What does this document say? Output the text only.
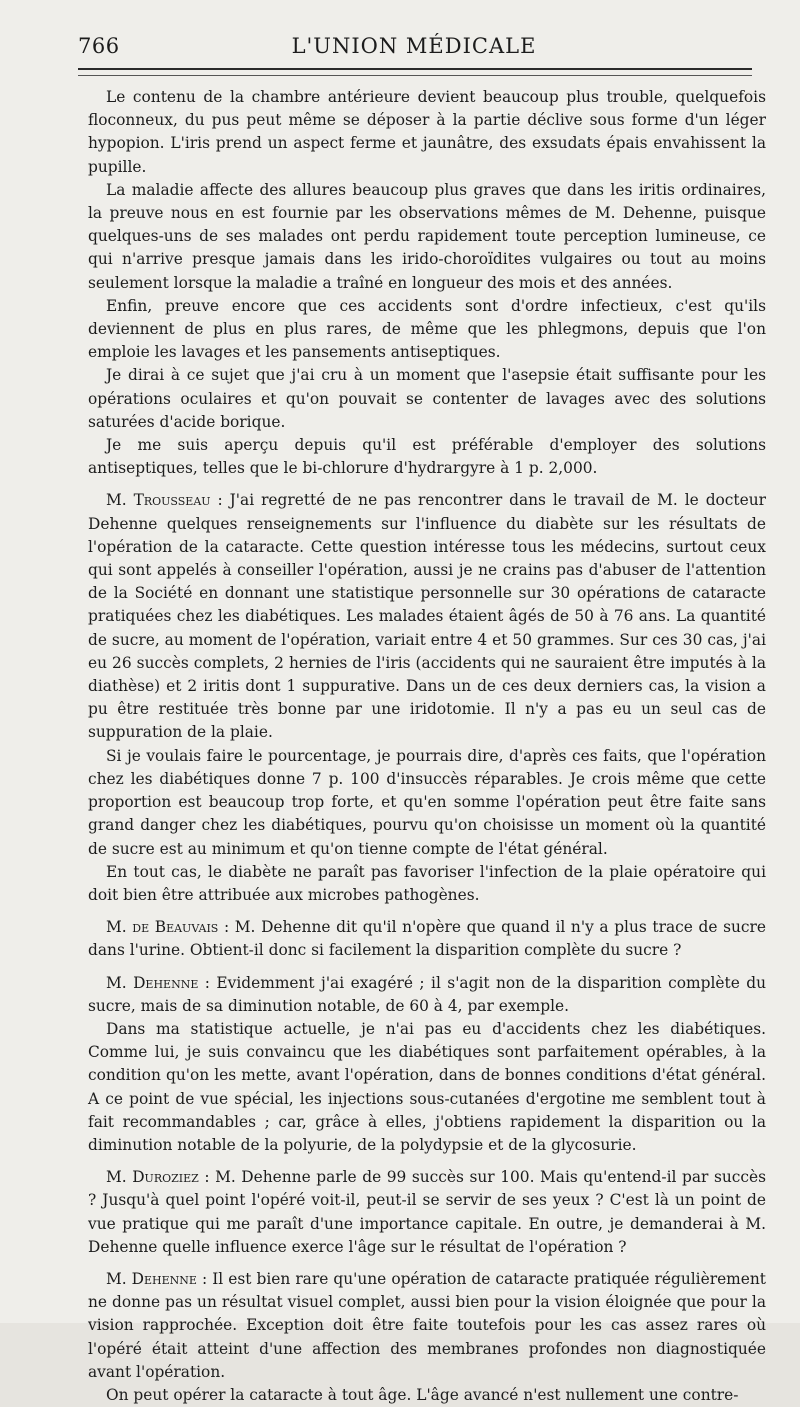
766	L'UNION MÉDICALE

Le contenu de la chambre antérieure devient beaucoup plus trouble, quelquefois floconneux, du pus peut même se déposer à la partie déclive sous forme d'un léger hypopion. L'iris prend un aspect ferme et jaunâtre, des exsudats épais envahissent la pupille.

La maladie affecte des allures beaucoup plus graves que dans les iritis ordinaires, la preuve nous en est fournie par les observations mêmes de M. Dehenne, puisque quelques-uns de ses malades ont perdu rapidement toute perception lumineuse, ce qui n'arrive presque jamais dans les irido-choroïdites vulgaires ou tout au moins seulement lorsque la maladie a traîné en longueur des mois et des années.

Enfin, preuve encore que ces accidents sont d'ordre infectieux, c'est qu'ils deviennent de plus en plus rares, de même que les phlegmons, depuis que l'on emploie les lavages et les pansements antiseptiques.

Je dirai à ce sujet que j'ai cru à un moment que l'asepsie était suffisante pour les opérations oculaires et qu'on pouvait se contenter de lavages avec des solutions saturées d'acide borique.

Je me suis aperçu depuis qu'il est préférable d'employer des solutions antiseptiques, telles que le bi-chlorure d'hydrargyre à 1 p. 2,000.

M. Trousseau : J'ai regretté de ne pas rencontrer dans le travail de M. le docteur Dehenne quelques renseignements sur l'influence du diabète sur les résultats de l'opération de la cataracte. Cette question intéresse tous les médecins, surtout ceux qui sont appelés à conseiller l'opération, aussi je ne crains pas d'abuser de l'attention de la Société en donnant une statistique personnelle sur 30 opérations de cataracte pratiquées chez les diabétiques. Les malades étaient âgés de 50 à 76 ans. La quantité de sucre, au moment de l'opération, variait entre 4 et 50 grammes. Sur ces 30 cas, j'ai eu 26 succès complets, 2 hernies de l'iris (accidents qui ne sauraient être imputés à la diathèse) et 2 iritis dont 1 suppurative. Dans un de ces deux derniers cas, la vision a pu être restituée très bonne par une iridotomie. Il n'y a pas eu un seul cas de suppuration de la plaie.

Si je voulais faire le pourcentage, je pourrais dire, d'après ces faits, que l'opération chez les diabétiques donne 7 p. 100 d'insuccès réparables. Je crois même que cette proportion est beaucoup trop forte, et qu'en somme l'opération peut être faite sans grand danger chez les diabétiques, pourvu qu'on choisisse un moment où la quantité de sucre est au minimum et qu'on tienne compte de l'état général.

En tout cas, le diabète ne paraît pas favoriser l'infection de la plaie opératoire qui doit bien être attribuée aux microbes pathogènes.

M. de Beauvais : M. Dehenne dit qu'il n'opère que quand il n'y a plus trace de sucre dans l'urine. Obtient-il donc si facilement la disparition complète du sucre ?

M. Dehenne : Evidemment j'ai exagéré ; il s'agit non de la disparition complète du sucre, mais de sa diminution notable, de 60 à 4, par exemple.

Dans ma statistique actuelle, je n'ai pas eu d'accidents chez les diabétiques. Comme lui, je suis convaincu que les diabétiques sont parfaitement opérables, à la condition qu'on les mette, avant l'opération, dans de bonnes conditions d'état général. A ce point de vue spécial, les injections sous-cutanées d'ergotine me semblent tout à fait recommandables ; car, grâce à elles, j'obtiens rapidement la disparition ou la diminution notable de la polyurie, de la polydypsie et de la glycosurie.

M. Duroziez : M. Dehenne parle de 99 succès sur 100. Mais qu'entend-il par succès ? Jusqu'à quel point l'opéré voit-il, peut-il se servir de ses yeux ? C'est là un point de vue pratique qui me paraît d'une importance capitale. En outre, je demanderai à M. Dehenne quelle influence exerce l'âge sur le résultat de l'opération ?

M. Dehenne : Il est bien rare qu'une opération de cataracte pratiquée régulièrement ne donne pas un résultat visuel complet, aussi bien pour la vision éloignée que pour la vision rapprochée. Exception doit être faite toutefois pour les cas assez rares où l'opéré était atteint d'une affection des membranes profondes non diagnostiquée avant l'opération.

On peut opérer la cataracte à tout âge. L'âge avancé n'est nullement une contre-
